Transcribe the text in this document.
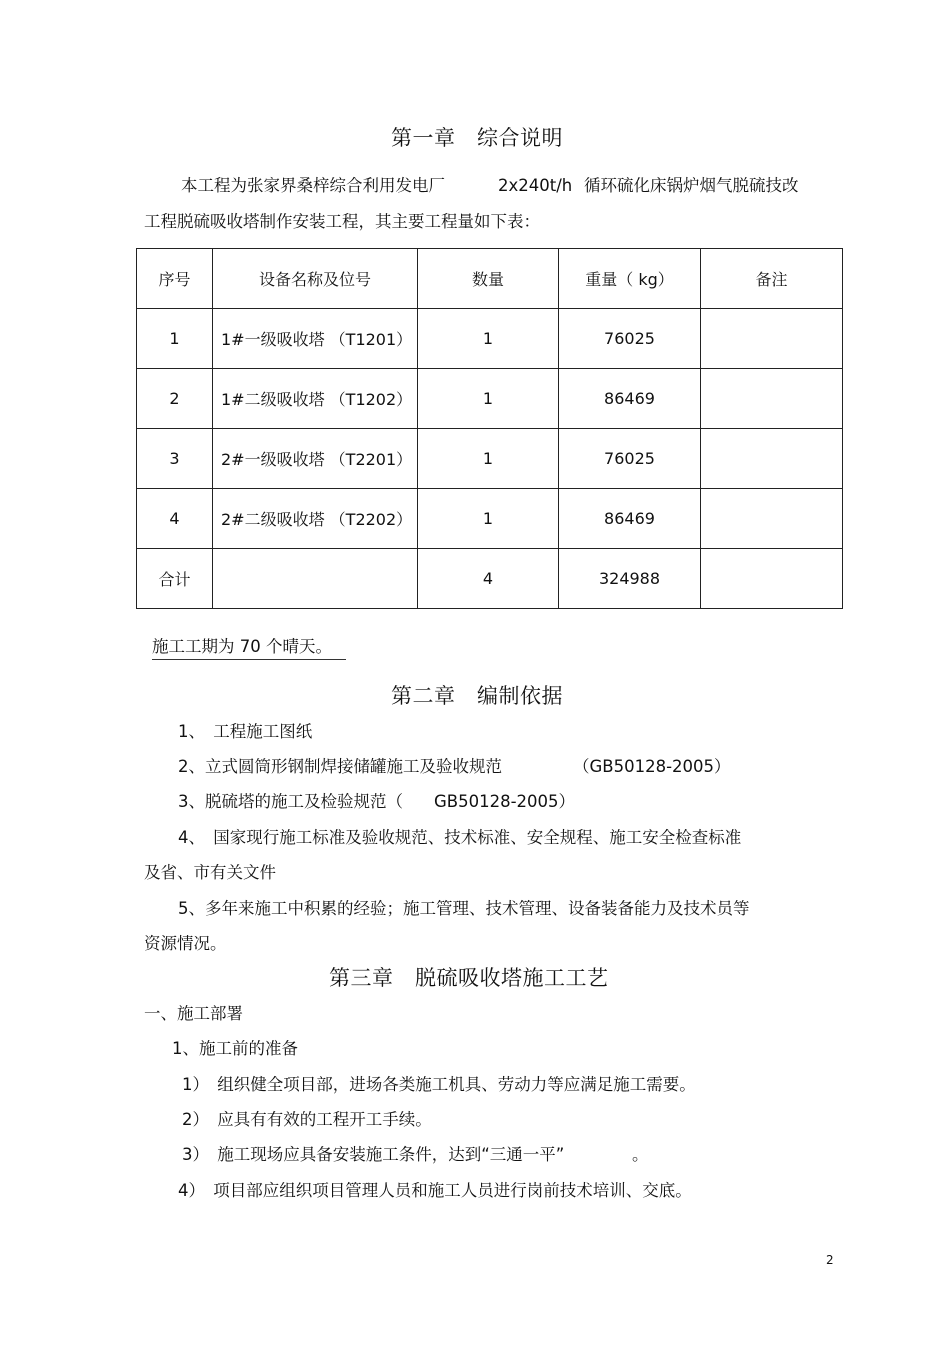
第一章　综合说明
本工程为张家界桑梓综合利用发电厂	2x240t/h 循环硫化床锅炉烟气脱硫技改
工程脱硫吸收塔制作安装工程，其主要工程量如下表：
序号	设备名称及位号	数量	重量（ kg）	备注
1	1#一级吸收塔 （T1201）	1	76025	
2	1#二级吸收塔 （T1202）	1	86469	
3	2#一级吸收塔 （T2201）	1	76025	
4	2#二级吸收塔 （T2202）	1	86469	
合计		4	324988	
施工工期为 70 个晴天。
第二章　编制依据
1、　工程施工图纸
2、立式圆筒形钢制焊接储罐施工及验收规范	（GB50128-2005）
3、脱硫塔的施工及检验规范（ GB50128-2005）
4、　国家现行施工标准及验收规范、技术标准、安全规程、施工安全检查标准
及省、市有关文件
5、多年来施工中积累的经验；施工管理、技术管理、设备装备能力及技术员等
资源情况。
第三章　脱硫吸收塔施工工艺
一、施工部署
1、施工前的准备
1）　组织健全项目部，进场各类施工机具、劳动力等应满足施工需要。
2）　应具有有效的工程开工手续。
3）　施工现场应具备安装施工条件，达到“三通一平”	。
4）　项目部应组织项目管理人员和施工人员进行岗前技术培训、交底。
2
